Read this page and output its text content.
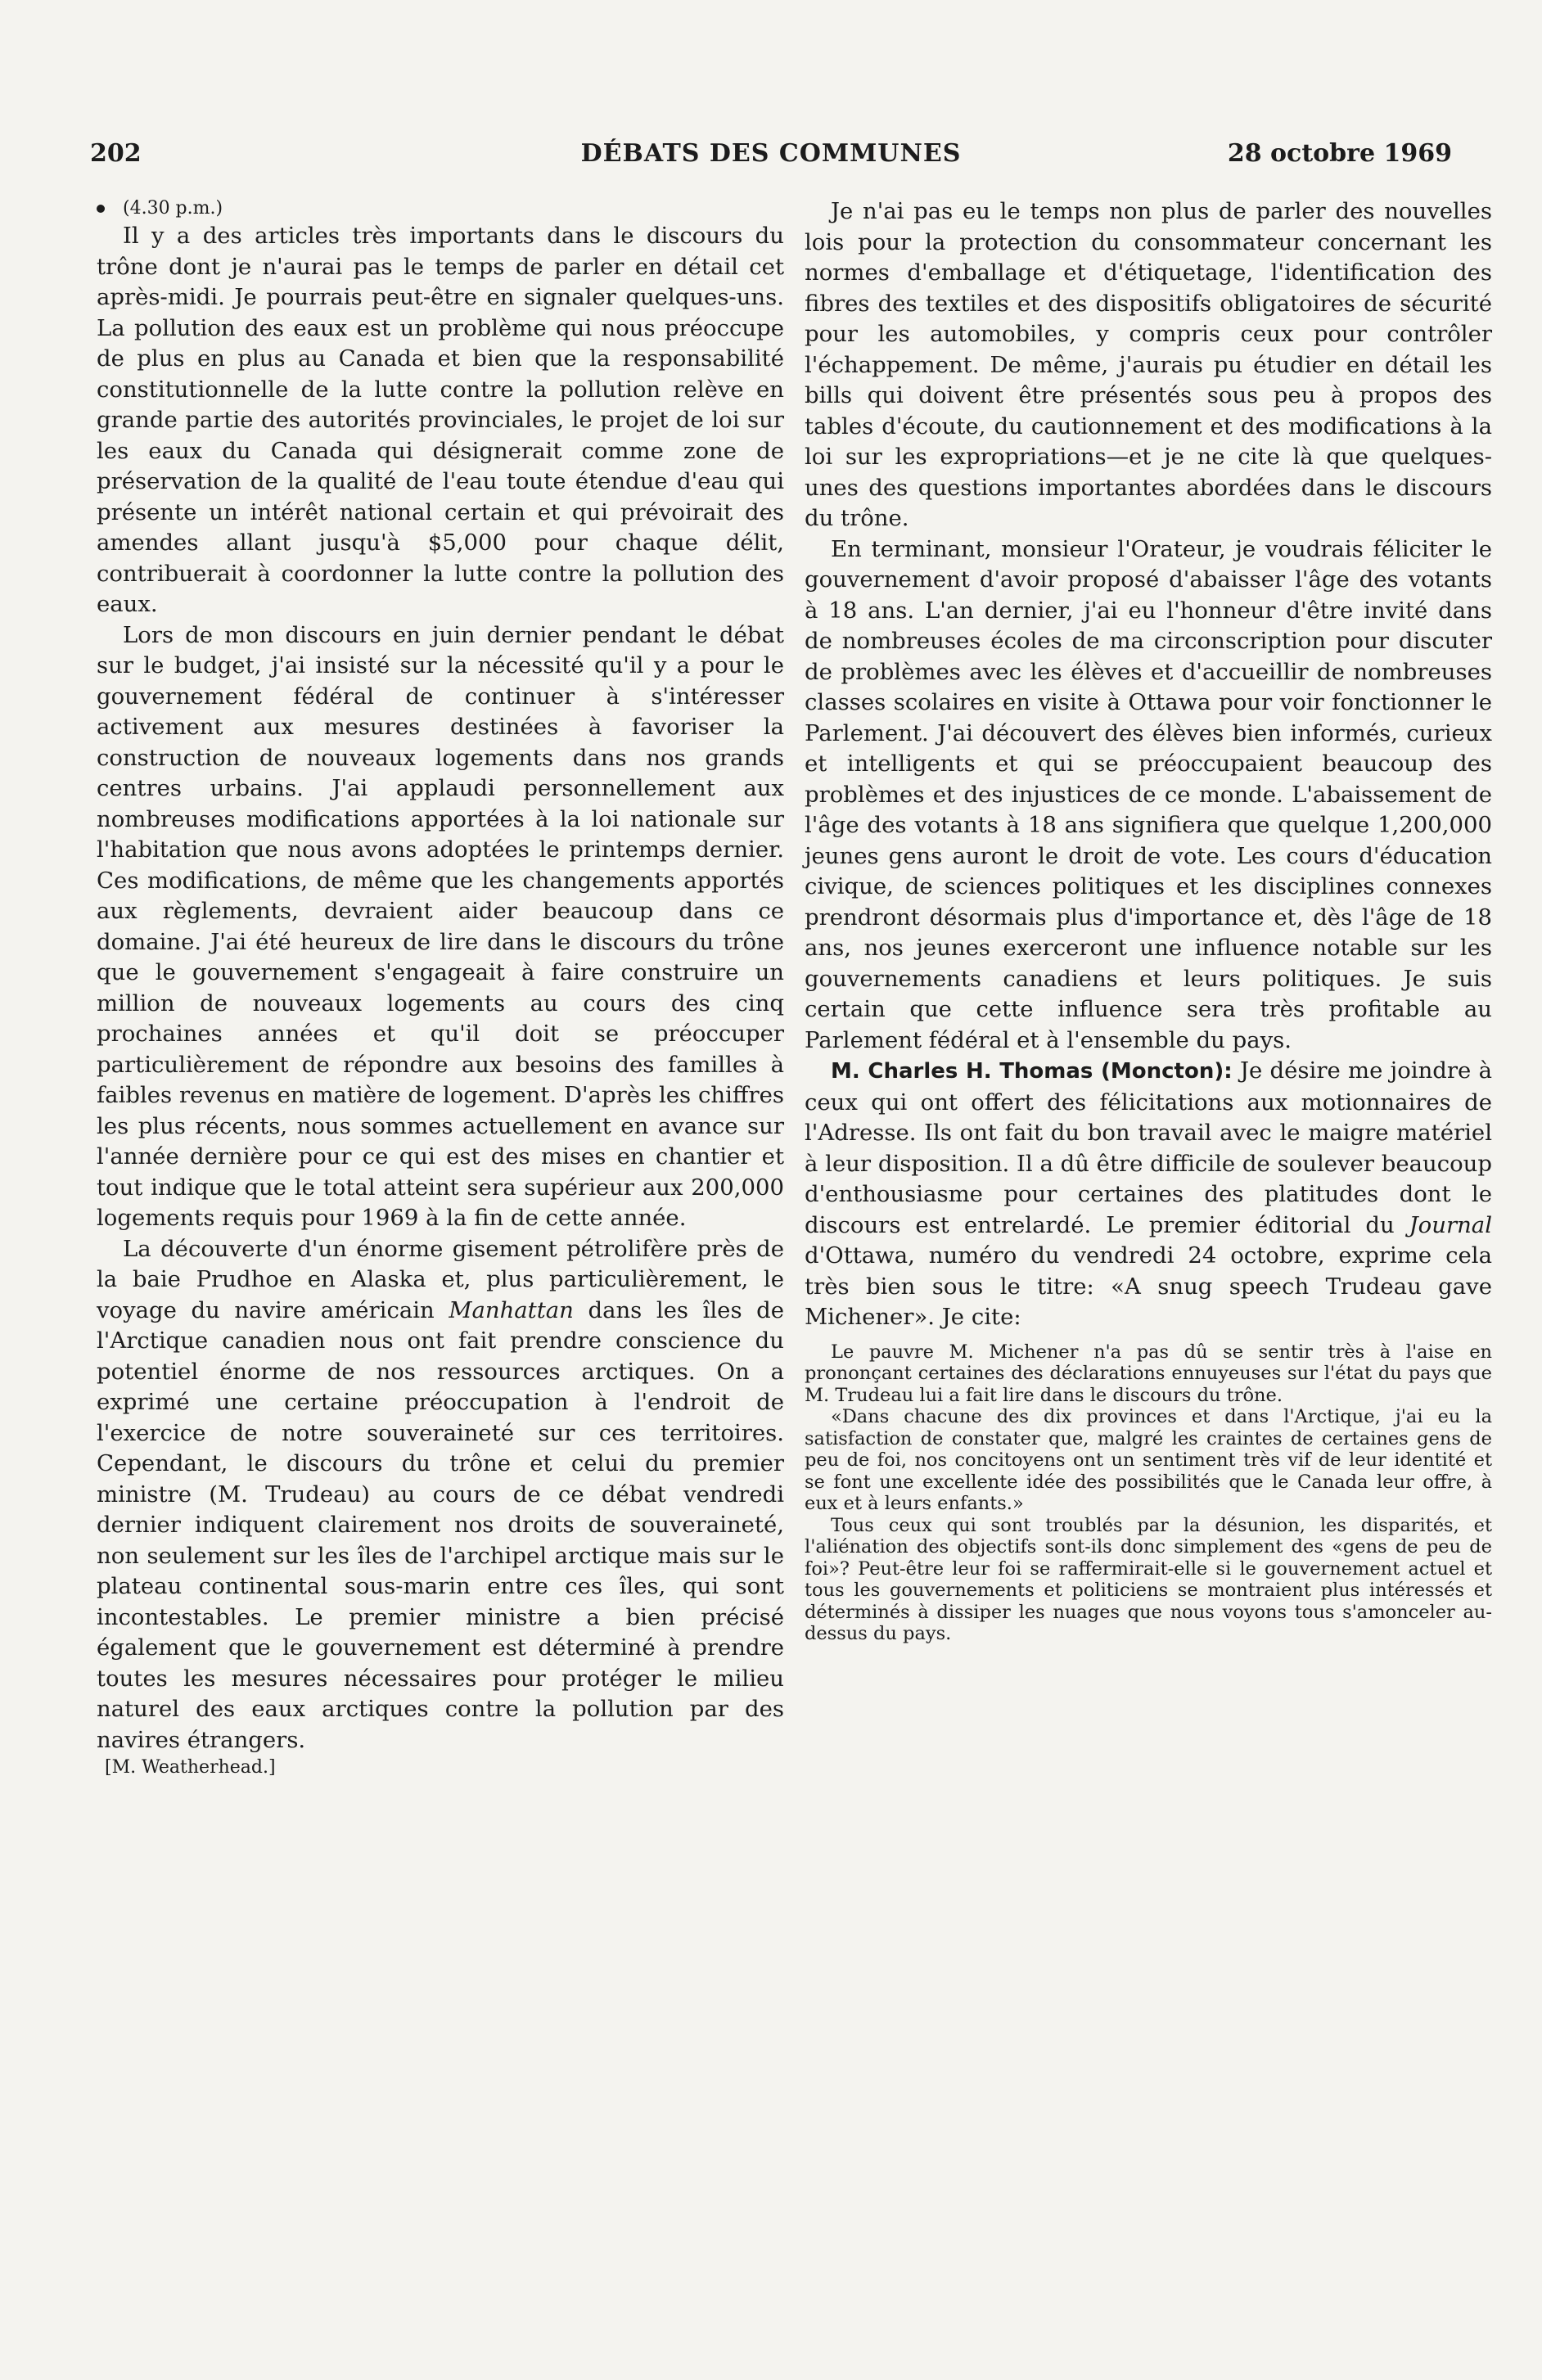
202	DÉBATS DES COMMUNES	28 octobre 1969

(4.30 p.m.)

Il y a des articles très importants dans le discours du trône dont je n'aurai pas le temps de parler en détail cet après-midi. Je pourrais peut-être en signaler quelques-uns. La pollution des eaux est un problème qui nous préoccupe de plus en plus au Canada et bien que la responsabilité constitutionnelle de la lutte contre la pollution relève en grande partie des autorités provinciales, le projet de loi sur les eaux du Canada qui désignerait comme zone de préservation de la qualité de l'eau toute étendue d'eau qui présente un intérêt national certain et qui prévoirait des amendes allant jusqu'à $5,000 pour chaque délit, contribuerait à coordonner la lutte contre la pollution des eaux.

Lors de mon discours en juin dernier pendant le débat sur le budget, j'ai insisté sur la nécessité qu'il y a pour le gouvernement fédéral de continuer à s'intéresser activement aux mesures destinées à favoriser la construction de nouveaux logements dans nos grands centres urbains. J'ai applaudi personnellement aux nombreuses modifications apportées à la loi nationale sur l'habitation que nous avons adoptées le printemps dernier. Ces modifications, de même que les changements apportés aux règlements, devraient aider beaucoup dans ce domaine. J'ai été heureux de lire dans le discours du trône que le gouvernement s'engageait à faire construire un million de nouveaux logements au cours des cinq prochaines années et qu'il doit se préoccuper particulièrement de répondre aux besoins des familles à faibles revenus en matière de logement. D'après les chiffres les plus récents, nous sommes actuellement en avance sur l'année dernière pour ce qui est des mises en chantier et tout indique que le total atteint sera supérieur aux 200,000 logements requis pour 1969 à la fin de cette année.

La découverte d'un énorme gisement pétrolifère près de la baie Prudhoe en Alaska et, plus particulièrement, le voyage du navire américain Manhattan dans les îles de l'Arctique canadien nous ont fait prendre conscience du potentiel énorme de nos ressources arctiques. On a exprimé une certaine préoccupation à l'endroit de l'exercice de notre souveraineté sur ces territoires. Cependant, le discours du trône et celui du premier ministre (M. Trudeau) au cours de ce débat vendredi dernier indiquent clairement nos droits de souveraineté, non seulement sur les îles de l'archipel arctique mais sur le plateau continental sous-marin entre ces îles, qui sont incontestables. Le premier ministre a bien précisé également que le gouvernement est déterminé à prendre toutes les mesures nécessaires pour protéger le milieu naturel des eaux arctiques contre la pollution par des navires étrangers.

[M. Weatherhead.]

Je n'ai pas eu le temps non plus de parler des nouvelles lois pour la protection du consommateur concernant les normes d'emballage et d'étiquetage, l'identification des fibres des textiles et des dispositifs obligatoires de sécurité pour les automobiles, y compris ceux pour contrôler l'échappement. De même, j'aurais pu étudier en détail les bills qui doivent être présentés sous peu à propos des tables d'écoute, du cautionnement et des modifications à la loi sur les expropriations—et je ne cite là que quelques-unes des questions importantes abordées dans le discours du trône.

En terminant, monsieur l'Orateur, je voudrais féliciter le gouvernement d'avoir proposé d'abaisser l'âge des votants à 18 ans. L'an dernier, j'ai eu l'honneur d'être invité dans de nombreuses écoles de ma circonscription pour discuter de problèmes avec les élèves et d'accueillir de nombreuses classes scolaires en visite à Ottawa pour voir fonctionner le Parlement. J'ai découvert des élèves bien informés, curieux et intelligents et qui se préoccupaient beaucoup des problèmes et des injustices de ce monde. L'abaissement de l'âge des votants à 18 ans signifiera que quelque 1,200,000 jeunes gens auront le droit de vote. Les cours d'éducation civique, de sciences politiques et les disciplines connexes prendront désormais plus d'importance et, dès l'âge de 18 ans, nos jeunes exerceront une influence notable sur les gouvernements canadiens et leurs politiques. Je suis certain que cette influence sera très profitable au Parlement fédéral et à l'ensemble du pays.

M. Charles H. Thomas (Moncton): Je désire me joindre à ceux qui ont offert des félicitations aux motionnaires de l'Adresse. Ils ont fait du bon travail avec le maigre matériel à leur disposition. Il a dû être difficile de soulever beaucoup d'enthousiasme pour certaines des platitudes dont le discours est entrelardé. Le premier éditorial du Journal d'Ottawa, numéro du vendredi 24 octobre, exprime cela très bien sous le titre: «A snug speech Trudeau gave Michener». Je cite:

Le pauvre M. Michener n'a pas dû se sentir très à l'aise en prononçant certaines des déclarations ennuyeuses sur l'état du pays que M. Trudeau lui a fait lire dans le discours du trône.

«Dans chacune des dix provinces et dans l'Arctique, j'ai eu la satisfaction de constater que, malgré les craintes de certaines gens de peu de foi, nos concitoyens ont un sentiment très vif de leur identité et se font une excellente idée des possibilités que le Canada leur offre, à eux et à leurs enfants.»

Tous ceux qui sont troublés par la désunion, les disparités, et l'aliénation des objectifs sont-ils donc simplement des «gens de peu de foi»? Peut-être leur foi se raffermirait-elle si le gouvernement actuel et tous les gouvernements et politiciens se montraient plus intéressés et déterminés à dissiper les nuages que nous voyons tous s'amonceler au-dessus du pays.
